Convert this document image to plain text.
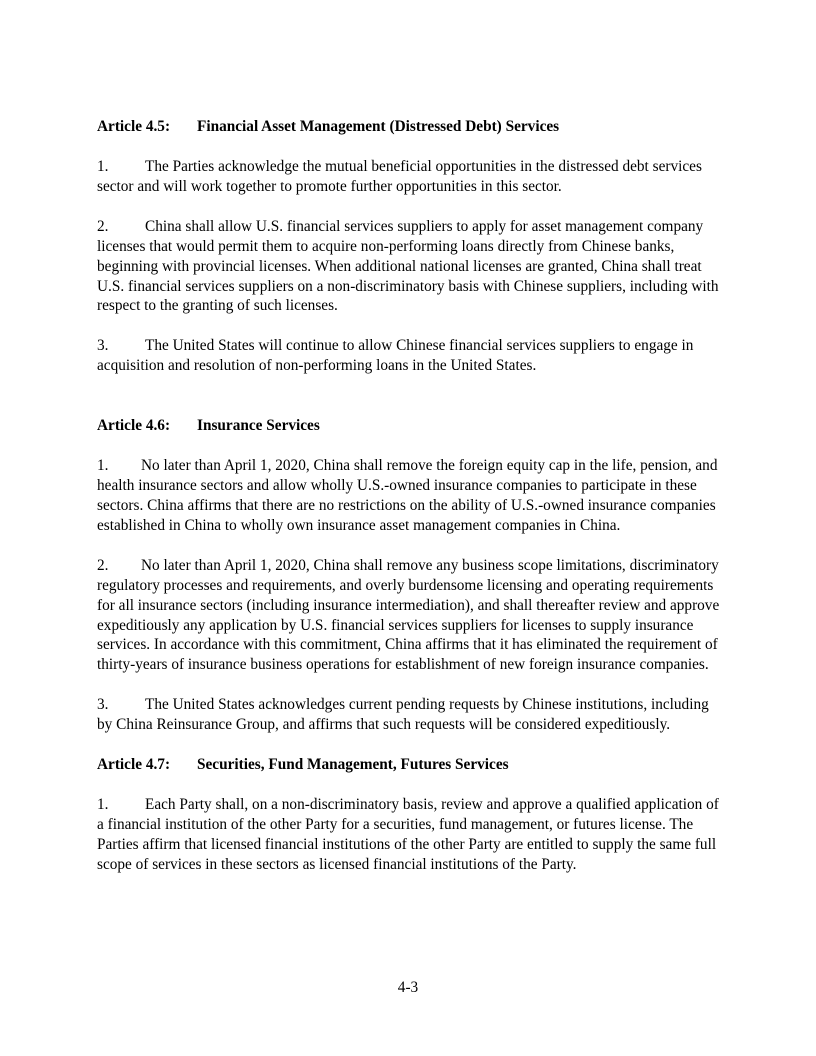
Article 4.5: Financial Asset Management (Distressed Debt) Services

1. The Parties acknowledge the mutual beneficial opportunities in the distressed debt services sector and will work together to promote further opportunities in this sector.

2. China shall allow U.S. financial services suppliers to apply for asset management company licenses that would permit them to acquire non-performing loans directly from Chinese banks, beginning with provincial licenses. When additional national licenses are granted, China shall treat U.S. financial services suppliers on a non-discriminatory basis with Chinese suppliers, including with respect to the granting of such licenses.

3. The United States will continue to allow Chinese financial services suppliers to engage in acquisition and resolution of non-performing loans in the United States.

Article 4.6: Insurance Services

1. No later than April 1, 2020, China shall remove the foreign equity cap in the life, pension, and health insurance sectors and allow wholly U.S.-owned insurance companies to participate in these sectors. China affirms that there are no restrictions on the ability of U.S.-owned insurance companies established in China to wholly own insurance asset management companies in China.

2. No later than April 1, 2020, China shall remove any business scope limitations, discriminatory regulatory processes and requirements, and overly burdensome licensing and operating requirements for all insurance sectors (including insurance intermediation), and shall thereafter review and approve expeditiously any application by U.S. financial services suppliers for licenses to supply insurance services. In accordance with this commitment, China affirms that it has eliminated the requirement of thirty-years of insurance business operations for establishment of new foreign insurance companies.

3. The United States acknowledges current pending requests by Chinese institutions, including by China Reinsurance Group, and affirms that such requests will be considered expeditiously.

Article 4.7: Securities, Fund Management, Futures Services

1. Each Party shall, on a non-discriminatory basis, review and approve a qualified application of a financial institution of the other Party for a securities, fund management, or futures license. The Parties affirm that licensed financial institutions of the other Party are entitled to supply the same full scope of services in these sectors as licensed financial institutions of the Party.

4-3
